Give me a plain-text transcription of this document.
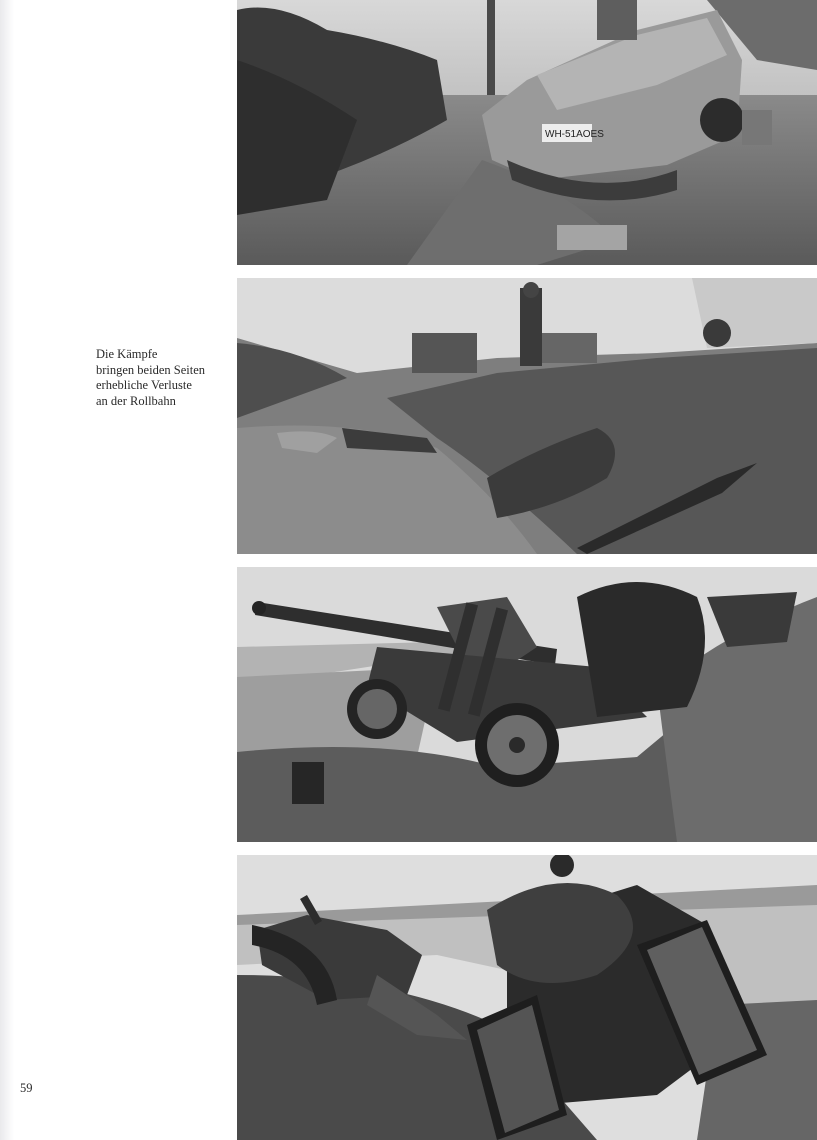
Die Kämpfe
bringen beiden Seiten
erhebliche Verluste
an der Rollbahn
59
WH-51AOES
